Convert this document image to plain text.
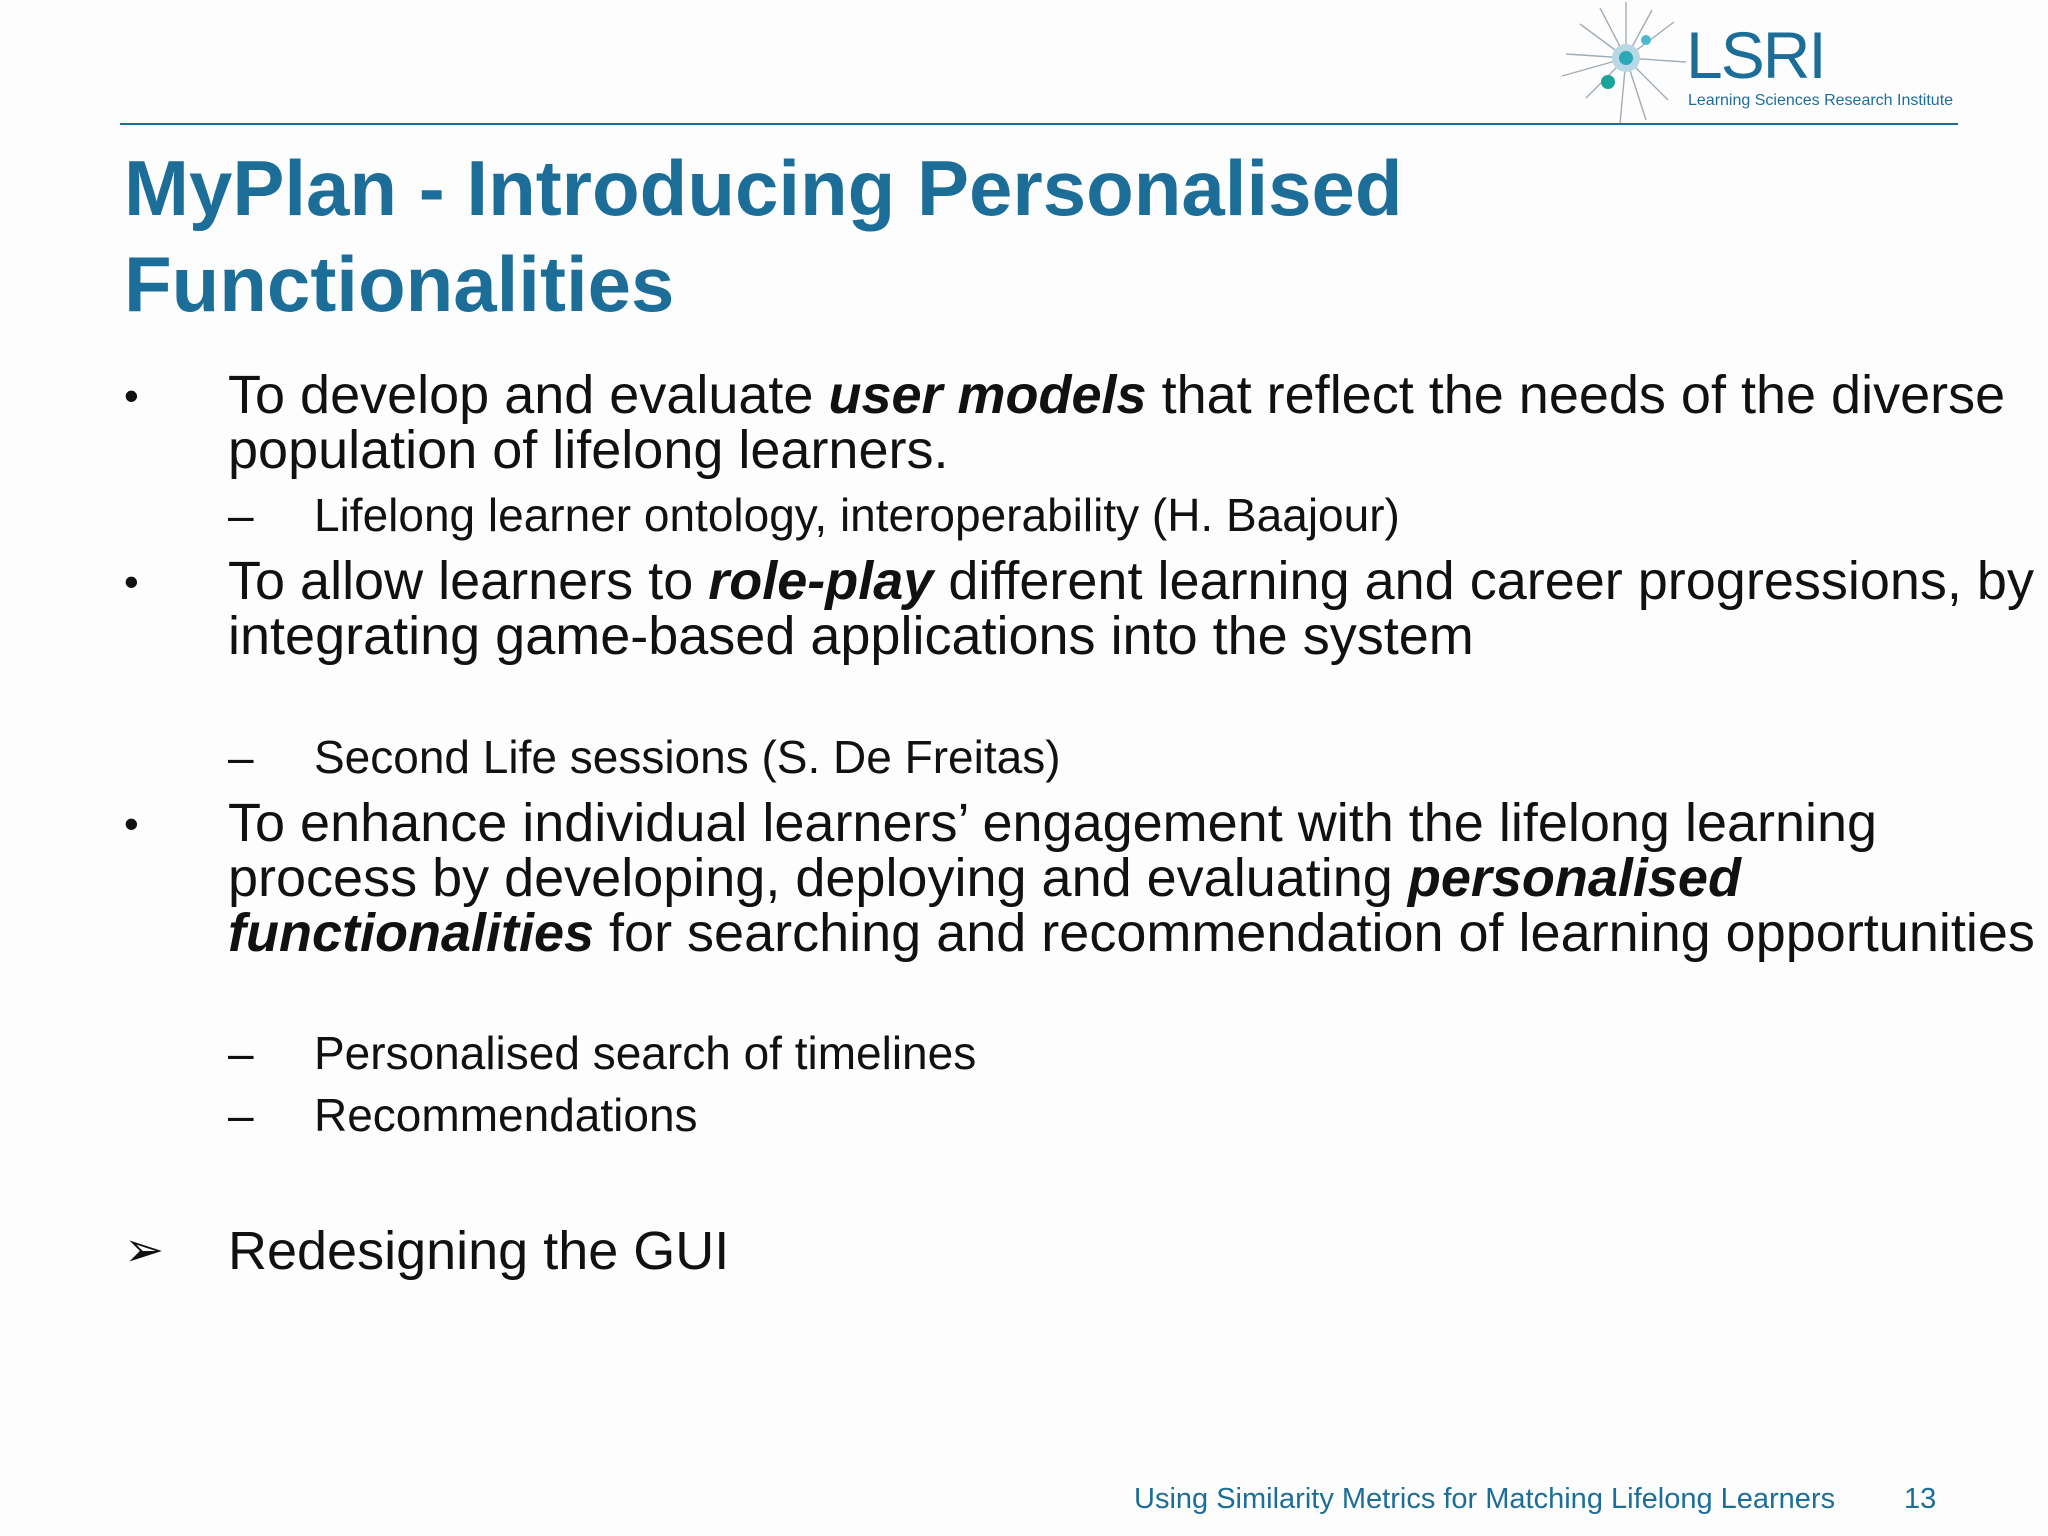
LSRI
Learning Sciences Research Institute
MyPlan - Introducing Personalised Functionalities
• To develop and evaluate user models that reflect the needs of the diverse population of lifelong learners.
– Lifelong learner ontology, interoperability (H. Baajour)
• To allow learners to role-play different learning and career progressions, by integrating game-based applications into the system
– Second Life sessions (S. De Freitas)
• To enhance individual learners’ engagement with the lifelong learning process by developing, deploying and evaluating personalised functionalities for searching and recommendation of learning opportunities
– Personalised search of timelines
– Recommendations
➢ Redesigning the GUI
Using Similarity Metrics for Matching Lifelong Learners 13
